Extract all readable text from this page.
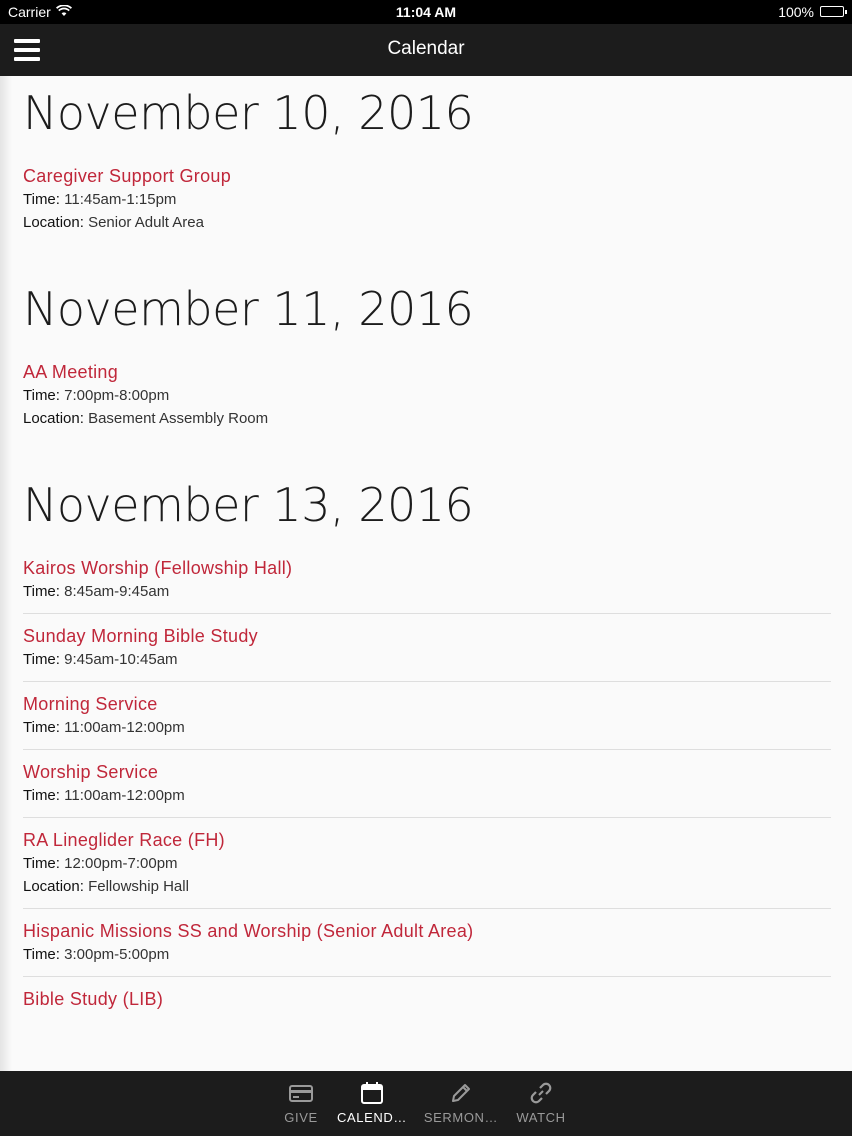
Carrier	11:04 AM	100%
Calendar
November 10, 2016
Caregiver Support Group
Time: 11:45am-1:15pm
Location: Senior Adult Area
November 11, 2016
AA Meeting
Time: 7:00pm-8:00pm
Location: Basement Assembly Room
November 13, 2016
Kairos Worship (Fellowship Hall)
Time: 8:45am-9:45am
Sunday Morning Bible Study
Time: 9:45am-10:45am
Morning Service
Time: 11:00am-12:00pm
Worship Service
Time: 11:00am-12:00pm
RA Lineglider Race (FH)
Time: 12:00pm-7:00pm
Location: Fellowship Hall
Hispanic Missions SS and Worship (Senior Adult Area)
Time: 3:00pm-5:00pm
Bible Study (LIB)
GIVE	CALEND…	SERMON…	WATCH
